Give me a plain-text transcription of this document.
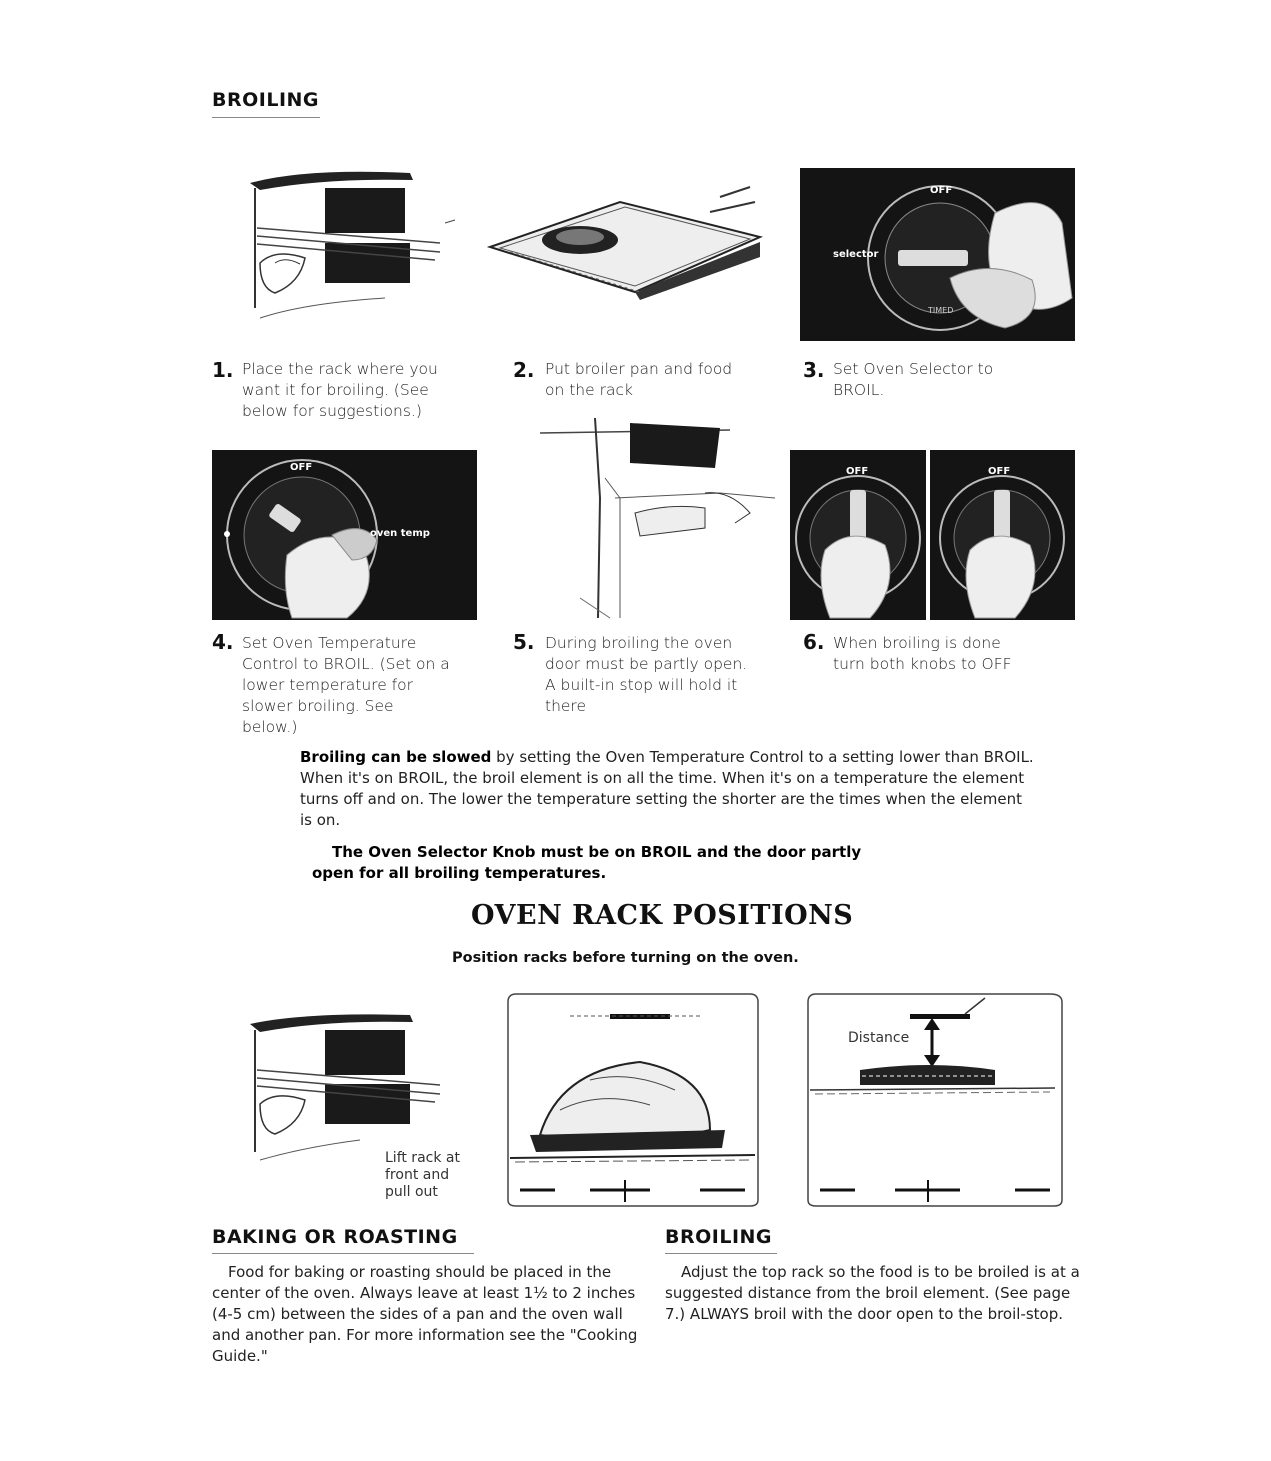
BROILING
OFF
selector
TIMED
1. Place the rack where you
want it for broiling. (See
below for suggestions.)
2. Put broiler pan and food
on the rack
3. Set Oven Selector to
BROIL.
OFF
oven temp
OFF	OFF
4. Set Oven Temperature
Control to BROIL. (Set on a
lower temperature for
slower broiling. See
below.)
5. During broiling the oven
door must be partly open.
A built-in stop will hold it
there
6. When broiling is done
turn both knobs to OFF
Broiling can be slowed by setting the Oven Temperature Control to a setting lower than BROIL. When it's on BROIL, the broil element is on all the time. When it's on a temperature the element turns off and on. The lower the temperature setting the shorter are the times when the element is on.
The Oven Selector Knob must be on BROIL and the door partly open for all broiling temperatures.
OVEN RACK POSITIONS
Position racks before turning on the oven.
Lift rack at
front and
pull out
Distance
BAKING OR ROASTING
Food for baking or roasting should be placed in the center of the oven. Always leave at least 1½ to 2 inches (4-5 cm) between the sides of a pan and the oven wall and another pan. For more information see the "Cooking Guide."
BROILING
Adjust the top rack so the food is to be broiled is at a suggested distance from the broil element. (See page 7.) ALWAYS broil with the door open to the broil-stop.
